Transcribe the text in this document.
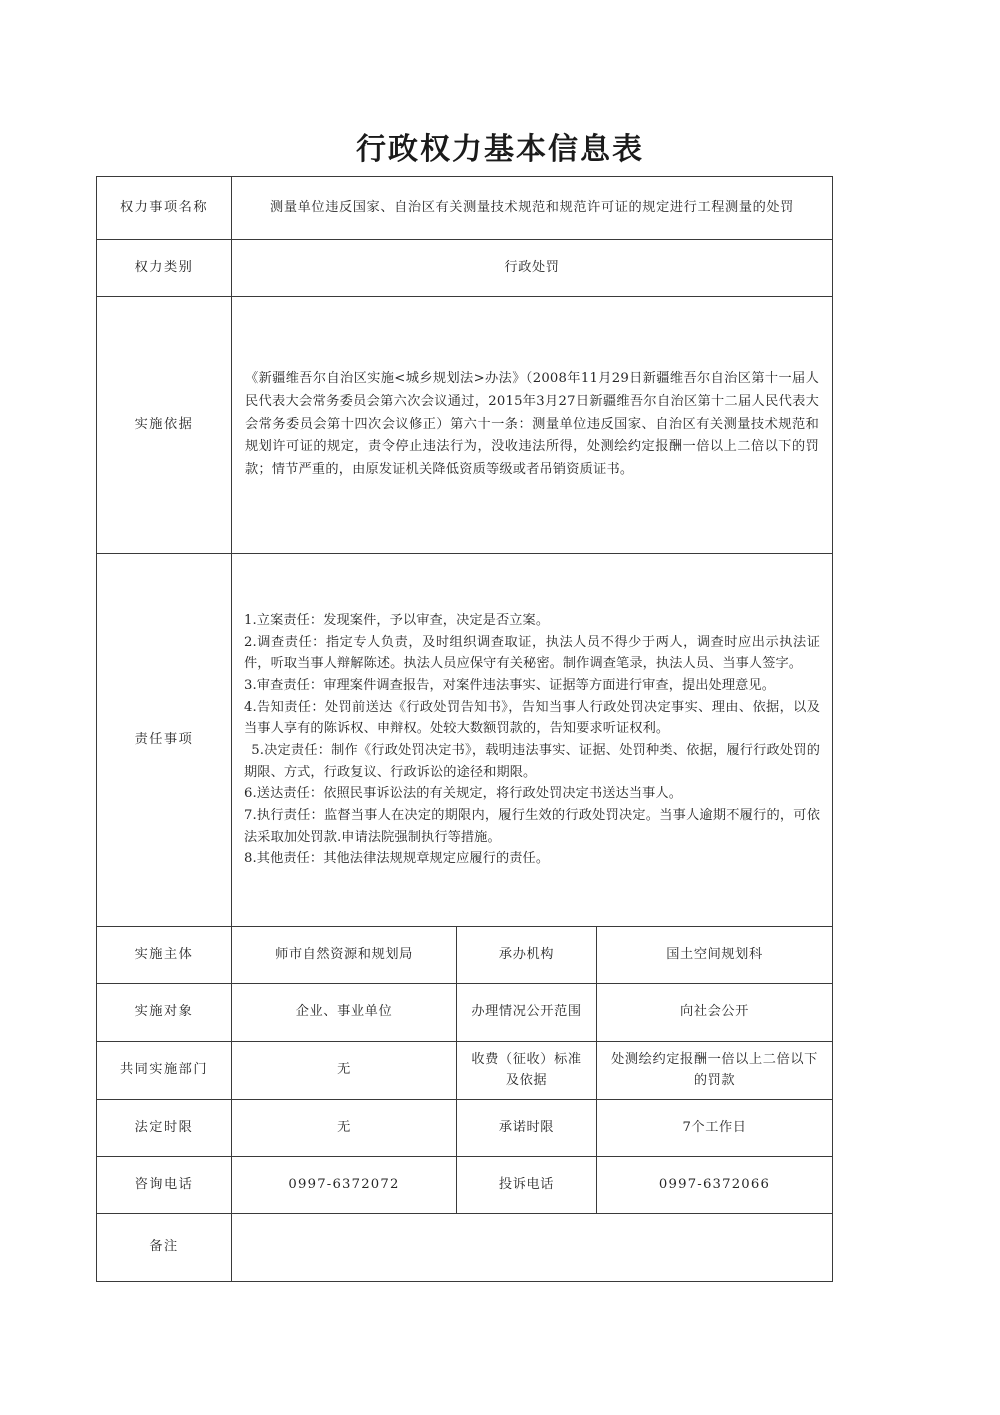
行政权力基本信息表
权力事项名称	测量单位违反国家、自治区有关测量技术规范和规范许可证的规定进行工程测量的处罚		

权力类别	行政处罚		

实施依据	《新疆维吾尔自治区实施<城乡规划法>办法》（2008年11月29日新疆维吾尔自治区第十一届人民代表大会常务委员会第六次会议通过，2015年3月27日新疆维吾尔自治区第十二届人民代表大会常务委员会第十四次会议修正）第六十一条：测量单位违反国家、自治区有关测量技术规范和规划许可证的规定，责令停止违法行为，没收违法所得，处测绘约定报酬一倍以上二倍以下的罚款；情节严重的，由原发证机关降低资质等级或者吊销资质证书。		

责任事项

1.立案责任：发现案件，予以审查，决定是否立案。

2.调查责任：指定专人负责，及时组织调查取证，执法人员不得少于两人，调查时应出示执法证件，听取当事人辩解陈述。执法人员应保守有关秘密。制作调查笔录，执法人员、当事人签字。

3.审查责任：审理案件调查报告，对案件违法事实、证据等方面进行审查，提出处理意见。

4.告知责任：处罚前送达《行政处罚告知书》，告知当事人行政处罚决定事实、理由、依据，以及当事人享有的陈诉权、申辩权。处较大数额罚款的，告知要求听证权利。

5.决定责任：制作《行政处罚决定书》，载明违法事实、证据、处罚种类、依据，履行行政处罚的期限、方式，行政复议、行政诉讼的途径和期限。

6.送达责任：依照民事诉讼法的有关规定，将行政处罚决定书送达当事人。

7.执行责任：监督当事人在决定的期限内，履行生效的行政处罚决定。当事人逾期不履行的，可依法采取加处罚款.申请法院强制执行等措施。

8.其他责任：其他法律法规规章规定应履行的责任。

实施主体	师市自然资源和规划局	承办机构	国土空间规划科

实施对象	企业、事业单位	办理情况公开范围	向社会公开

共同实施部门	无	收费（征收）标准及依据	处测绘约定报酬一倍以上二倍以下的罚款

法定时限	无	承诺时限	7个工作日

咨询电话	0997-6372072	投诉电话	0997-6372066

备注			
